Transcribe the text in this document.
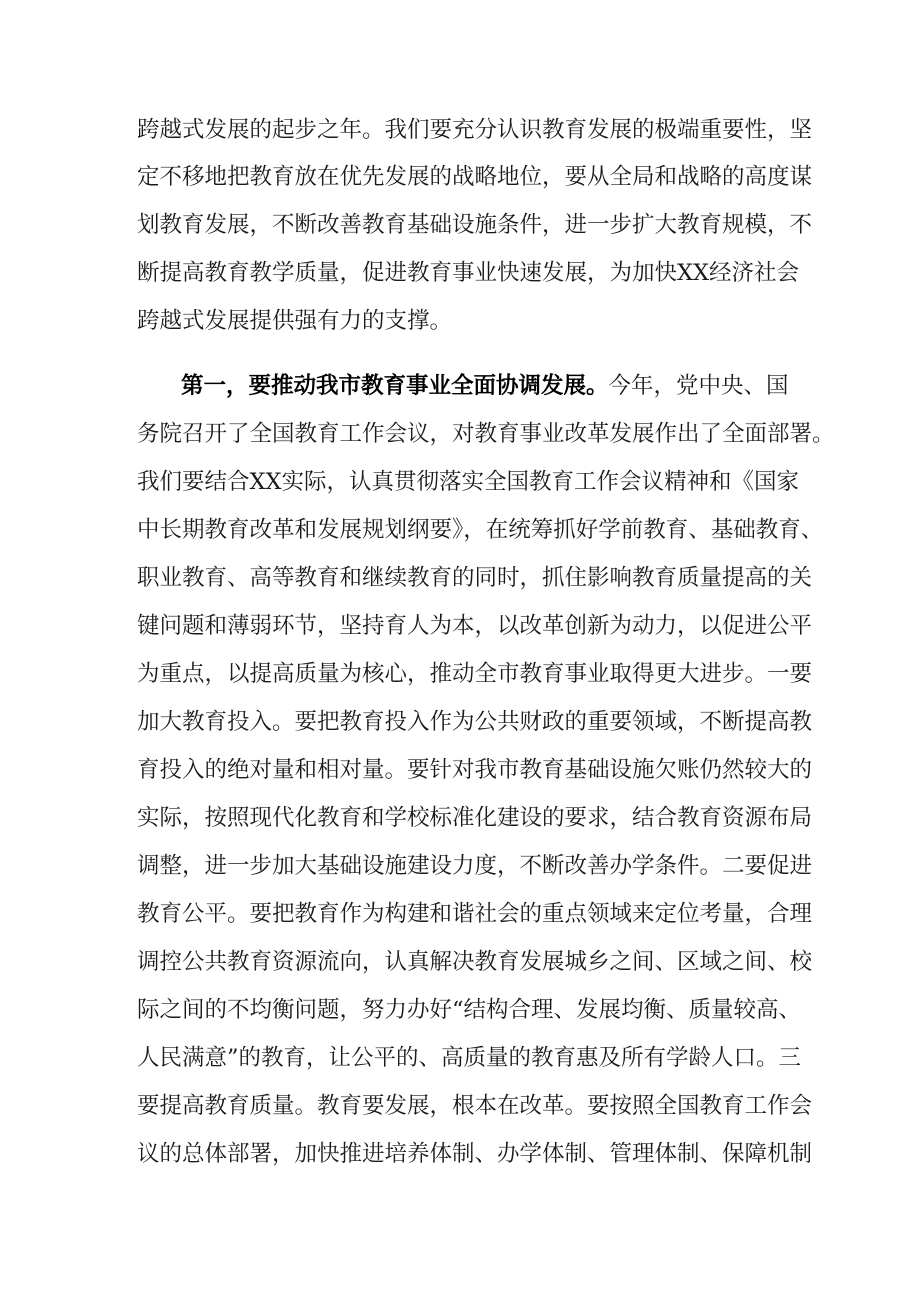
跨越式发展的起步之年。我们要充分认识教育发展的极端重要性，坚
定不移地把教育放在优先发展的战略地位，要从全局和战略的高度谋
划教育发展，不断改善教育基础设施条件，进一步扩大教育规模，不
断提高教育教学质量，促进教育事业快速发展，为加快XX经济社会
跨越式发展提供强有力的支撑。
第一，要推动我市教育事业全面协调发展。今年，党中央、国
务院召开了全国教育工作会议，对教育事业改革发展作出了全面部署。
我们要结合XX实际，认真贯彻落实全国教育工作会议精神和《国家
中长期教育改革和发展规划纲要》，在统筹抓好学前教育、基础教育、
职业教育、高等教育和继续教育的同时，抓住影响教育质量提高的关
键问题和薄弱环节，坚持育人为本，以改革创新为动力，以促进公平
为重点，以提高质量为核心，推动全市教育事业取得更大进步。一要
加大教育投入。要把教育投入作为公共财政的重要领域，不断提高教
育投入的绝对量和相对量。要针对我市教育基础设施欠账仍然较大的
实际，按照现代化教育和学校标准化建设的要求，结合教育资源布局
调整，进一步加大基础设施建设力度，不断改善办学条件。二要促进
教育公平。要把教育作为构建和谐社会的重点领域来定位考量，合理
调控公共教育资源流向，认真解决教育发展城乡之间、区域之间、校
际之间的不均衡问题，努力办好“结构合理、发展均衡、质量较高、
人民满意”的教育，让公平的、高质量的教育惠及所有学龄人口。三
要提高教育质量。教育要发展，根本在改革。要按照全国教育工作会
议的总体部署，加快推进培养体制、办学体制、管理体制、保障机制
